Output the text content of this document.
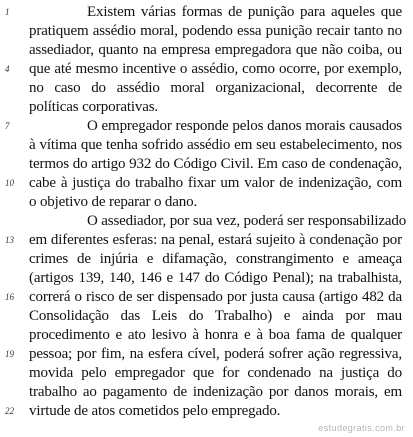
Existem várias formas de punição para aqueles que
pratiquem assédio moral, podendo essa punição recair tanto no
assediador, quanto na empresa empregadora que não coiba, ou
que até mesmo incentive o assédio, como ocorre, por exemplo,
no caso do assédio moral organizacional, decorrente de
políticas corporativas.
O empregador responde pelos danos morais causados
à vítima que tenha sofrido assédio em seu estabelecimento, nos
termos do artigo 932 do Código Civil. Em caso de condenação,
cabe à justiça do trabalho fixar um valor de indenização, com
o objetivo de reparar o dano.
O assediador, por sua vez, poderá ser responsabilizado
em diferentes esferas: na penal, estará sujeito à condenação por
crimes de injúria e difamação, constrangimento e ameaça
(artigos 139, 140, 146 e 147 do Código Penal); na trabalhista,
correrá o risco de ser dispensado por justa causa (artigo 482 da
Consolidação das Leis do Trabalho) e ainda por mau
procedimento e ato lesivo à honra e à boa fama de qualquer
pessoa; por fim, na esfera cível, poderá sofrer ação regressiva,
movida pelo empregador que for condenado na justiça do
trabalho ao pagamento de indenização por danos morais, em
virtude de atos cometidos pelo empregado.
1
4
7
10
13
16
19
22
estudegratis.com.br
